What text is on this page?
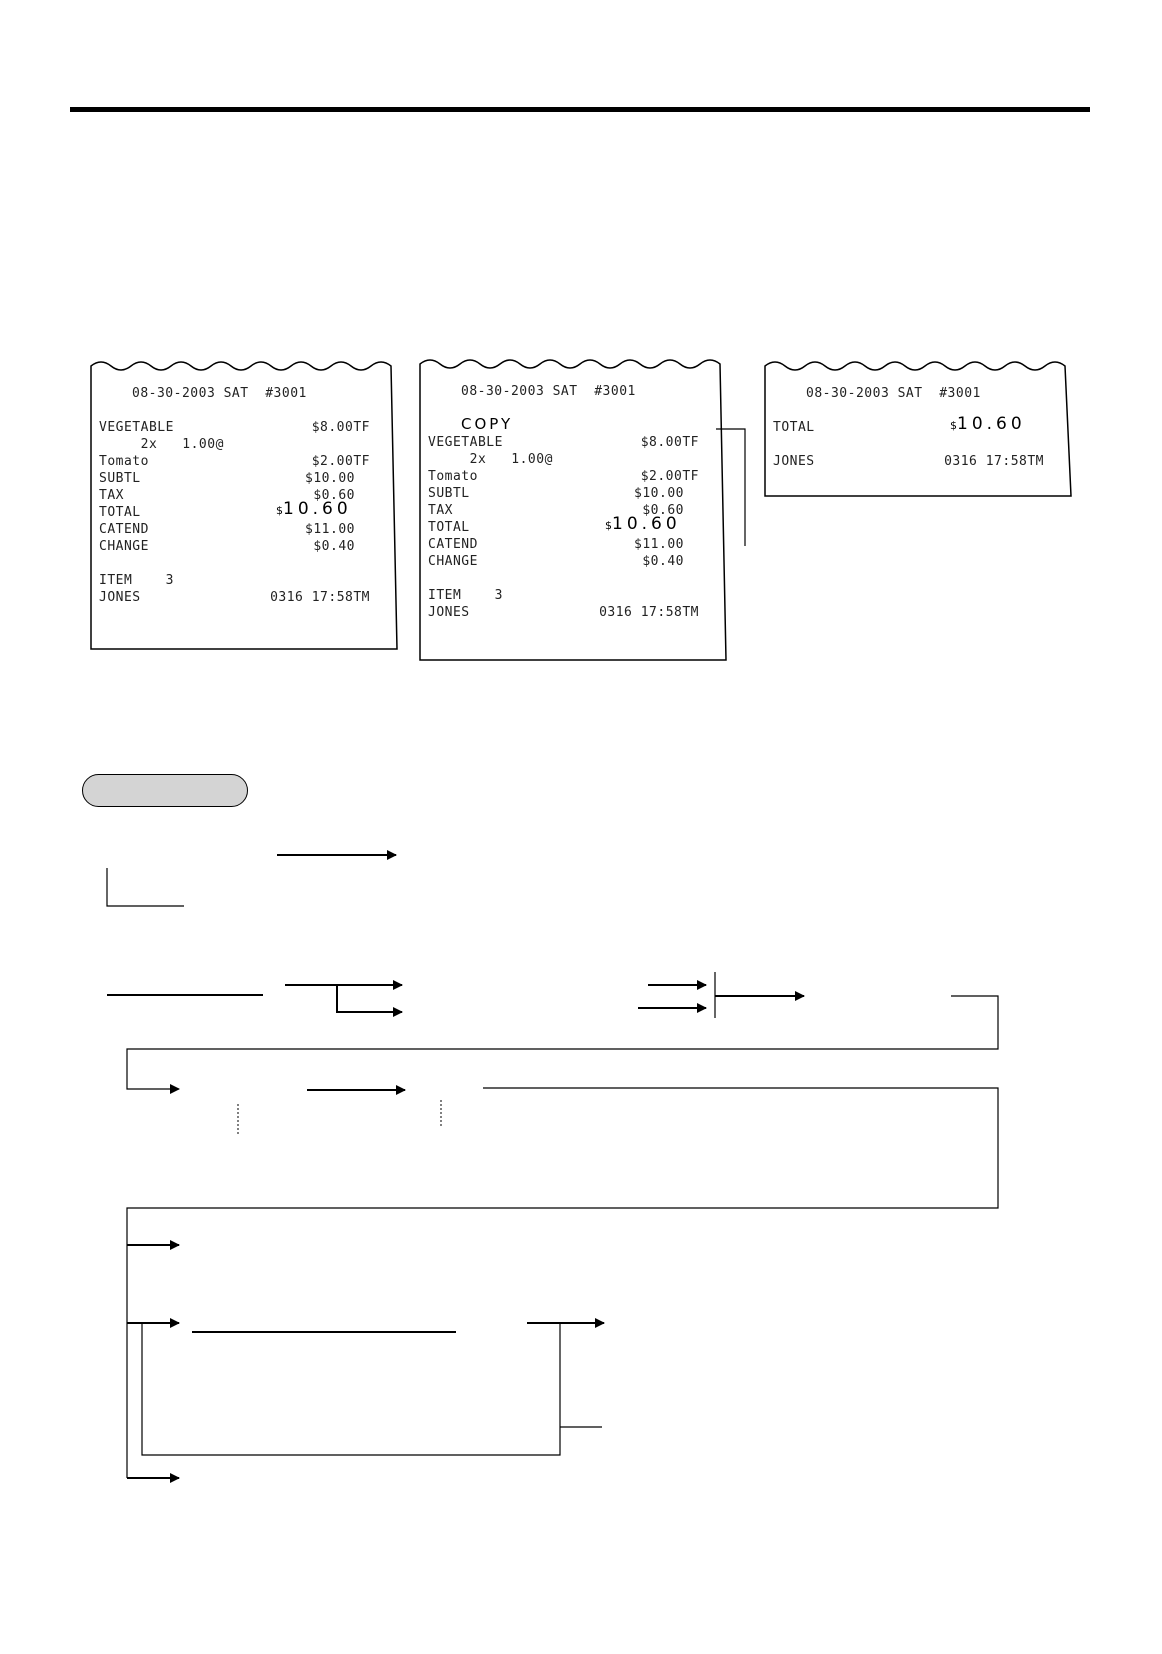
08-30-2003 SAT  #3001
VEGETABLE	$8.00TF
2x   1.00@
Tomato	$2.00TF
SUBTL	$10.00
TAX	$0.60
TOTAL	$10.60
CATEND	$11.00
CHANGE	$0.40
ITEM    3
JONES	0316 17:58TM
08-30-2003 SAT  #3001
COPY
VEGETABLE	$8.00TF
2x   1.00@
Tomato	$2.00TF
SUBTL	$10.00
TAX	$0.60
TOTAL	$10.60
CATEND	$11.00
CHANGE	$0.40
ITEM    3
JONES	0316 17:58TM
08-30-2003 SAT  #3001
TOTAL	$10.60
JONES	0316 17:58TM
